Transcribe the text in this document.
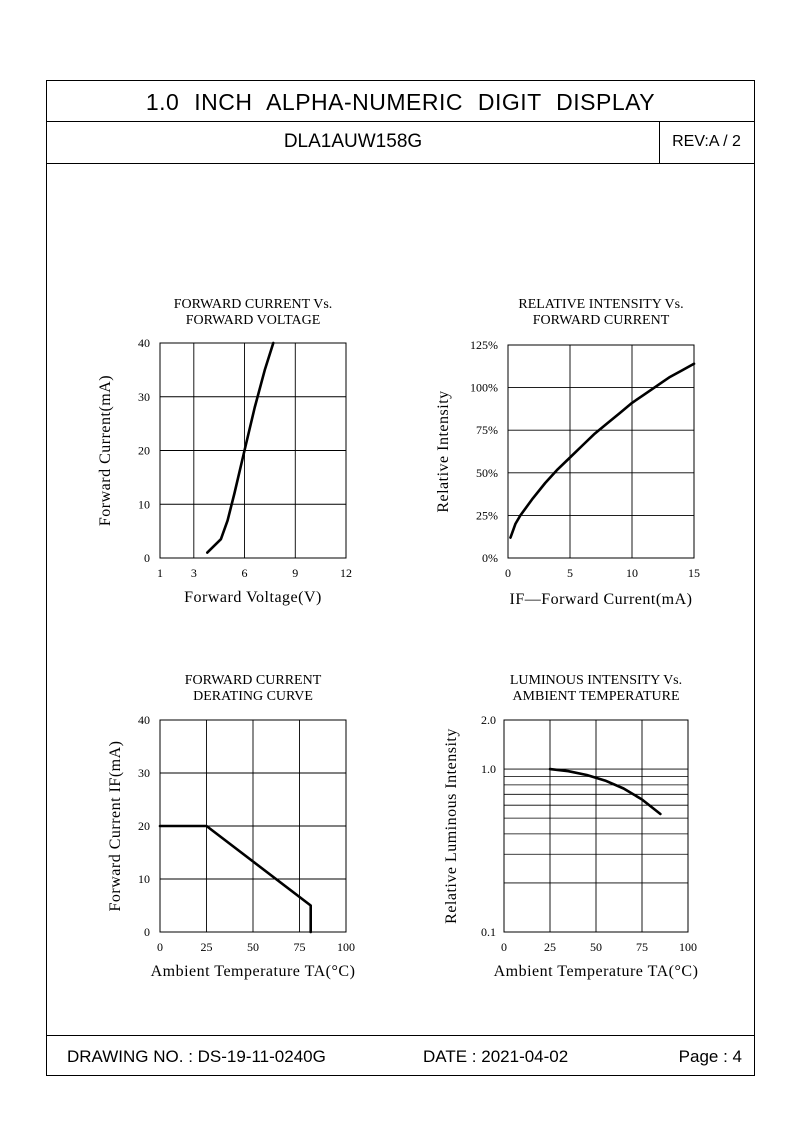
1.0 INCH ALPHA-NUMERIC DIGIT DISPLAY
DLA1AUW158G	REV:A / 2
DRAWING NO. : DS-19-11-0240G	DATE : 2021-04-02	Page : 4
FORWARD CURRENT Vs.
FORWARD VOLTAGE
1 3	6	9	12
0
10
20
30
40
Forward Voltage(V)
Forward Current(mA)
RELATIVE INTENSITY Vs.
FORWARD CURRENT
0	5	10	15
0%
25%
50%
75%
100%
125%
IF—Forward Current(mA)
Relative Intensity
FORWARD CURRENT
DERATING CURVE
0	25	50	75	100
0
10
20
30
40
Ambient Temperature TA(°C)
Forward Current IF(mA)
LUMINOUS INTENSITY Vs.
AMBIENT TEMPERATURE
0	25	50	75	100
0.1
1.0
2.0
Ambient Temperature TA(°C)
Relative Luminous Intensity
